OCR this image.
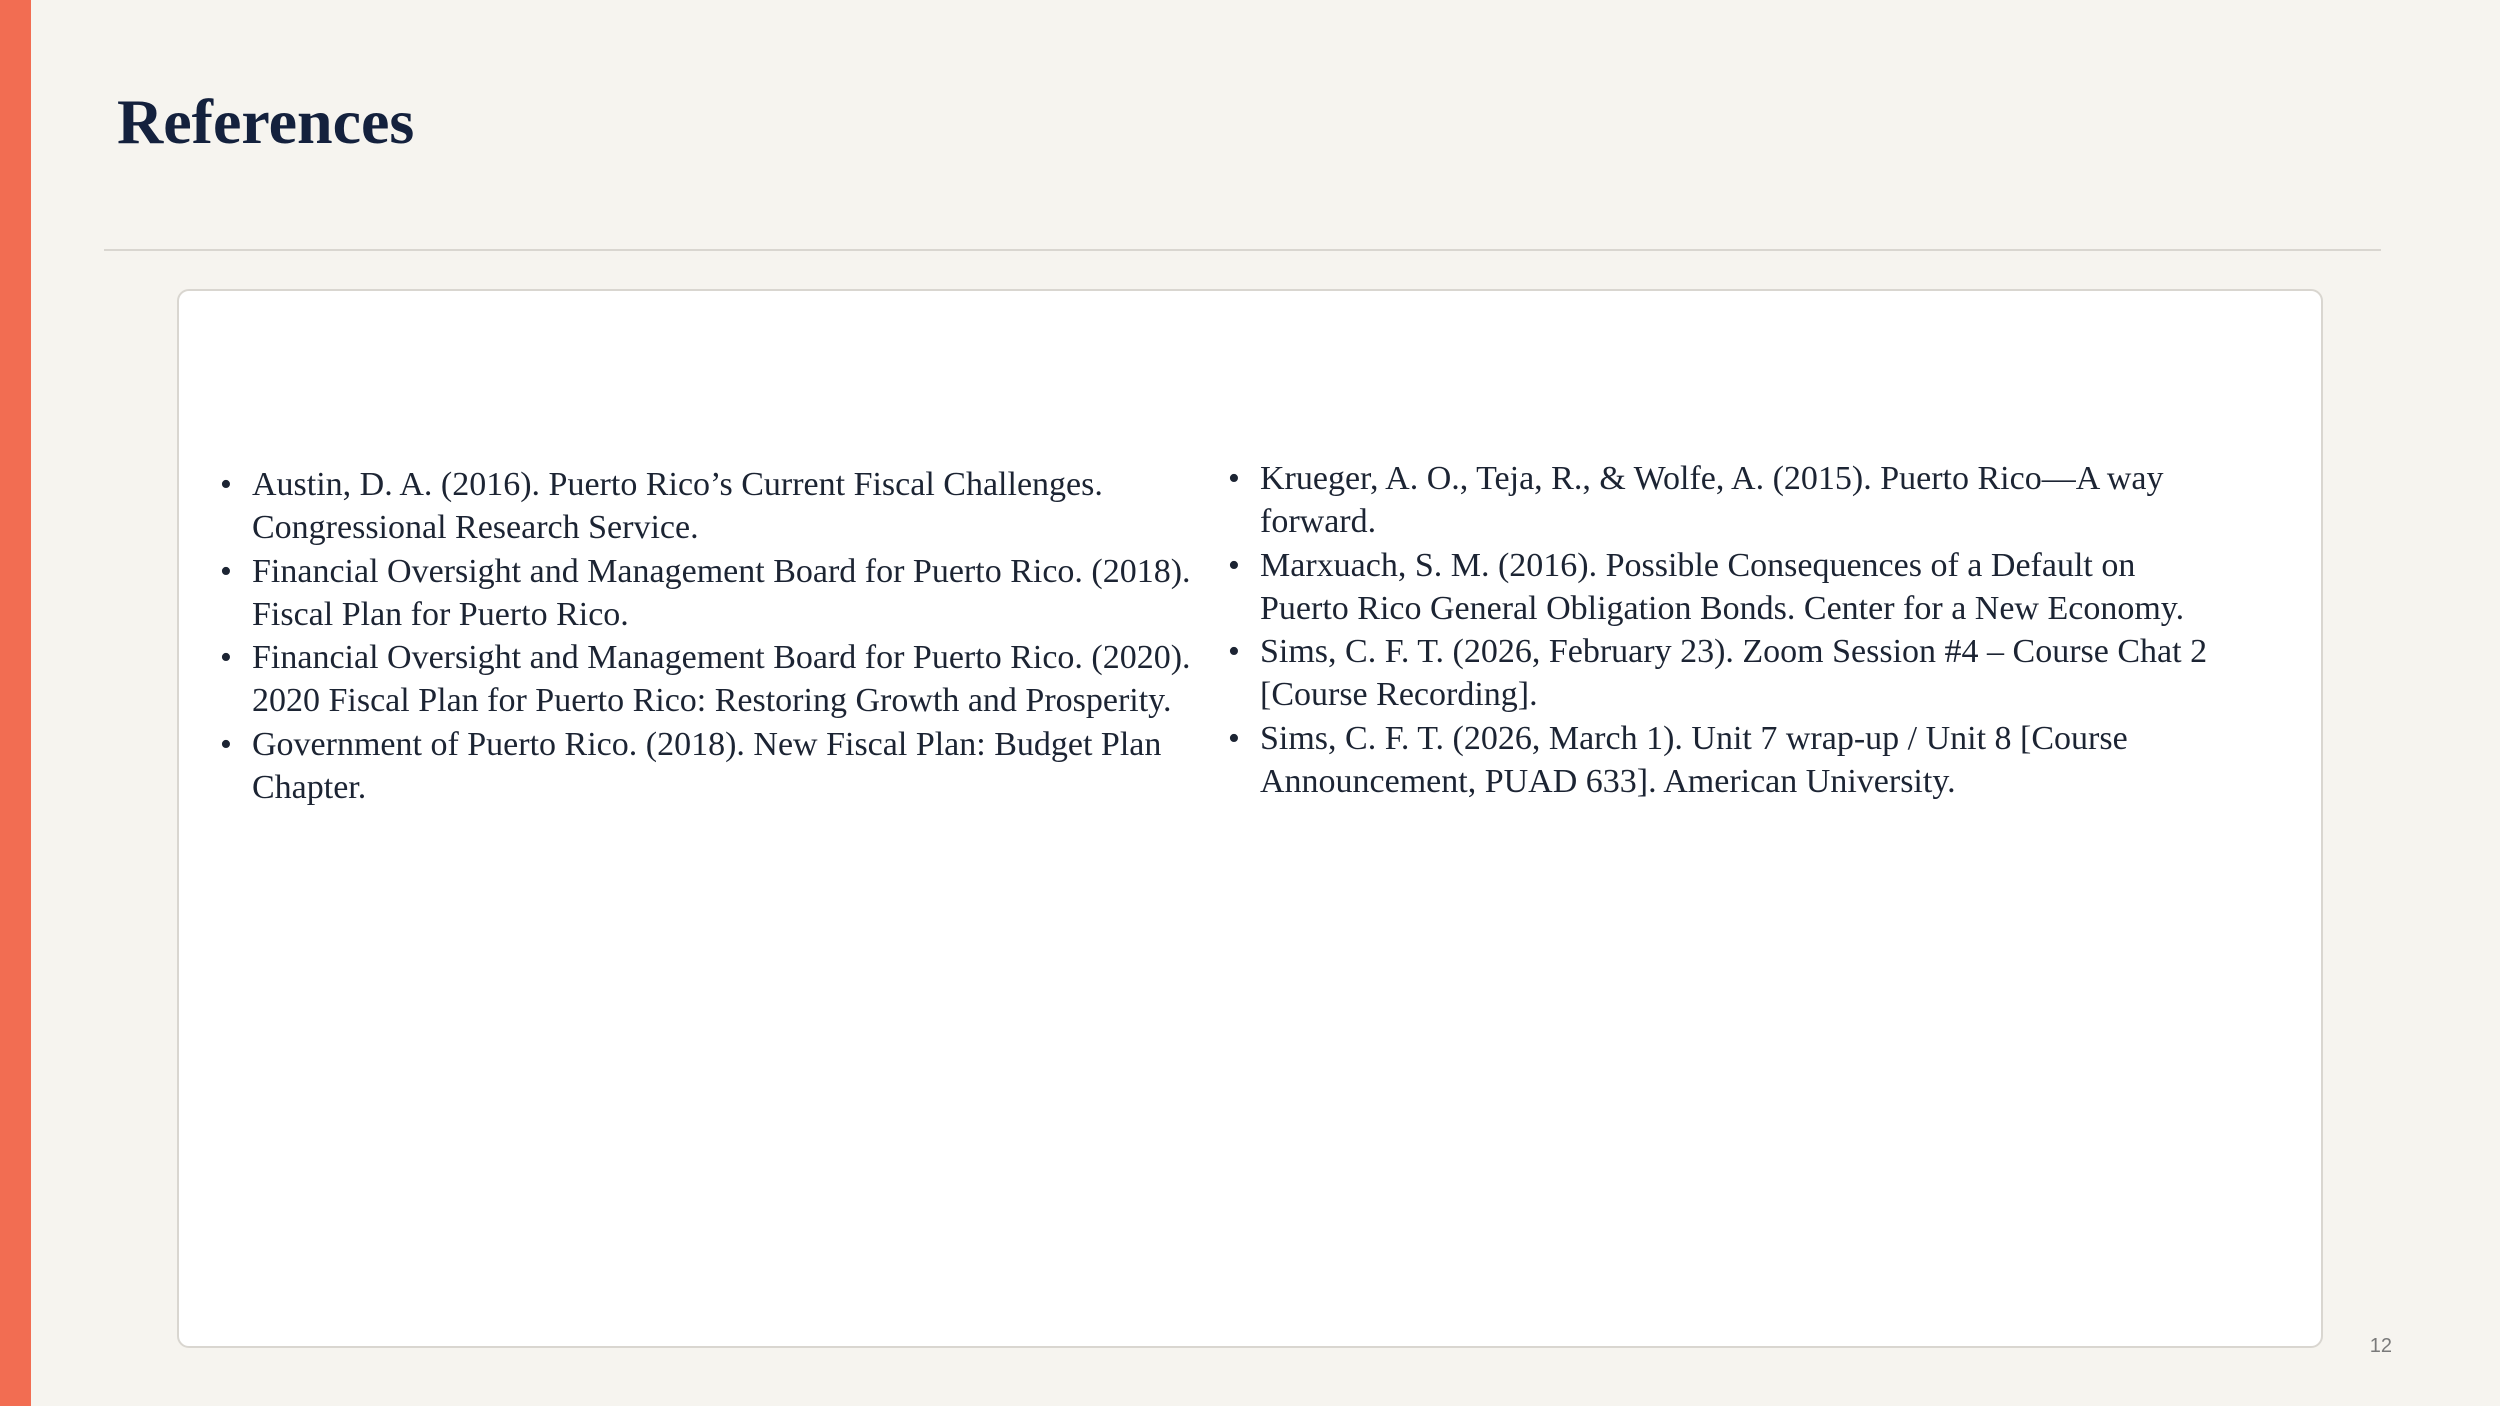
References
• Austin, D. A. (2016). Puerto Rico’s Current Fiscal Challenges. Congressional Research Service.
• Financial Oversight and Management Board for Puerto Rico. (2018). Fiscal Plan for Puerto Rico.
• Financial Oversight and Management Board for Puerto Rico. (2020). 2020 Fiscal Plan for Puerto Rico: Restoring Growth and Prosperity.
• Government of Puerto Rico. (2018). New Fiscal Plan: Budget Plan Chapter.
• Krueger, A. O., Teja, R., & Wolfe, A. (2015). Puerto Rico—A way forward.
• Marxuach, S. M. (2016). Possible Consequences of a Default on Puerto Rico General Obligation Bonds. Center for a New Economy.
• Sims, C. F. T. (2026, February 23). Zoom Session #4 – Course Chat 2 [Course Recording].
• Sims, C. F. T. (2026, March 1). Unit 7 wrap-up / Unit 8 [Course Announcement, PUAD 633]. American University.
12
